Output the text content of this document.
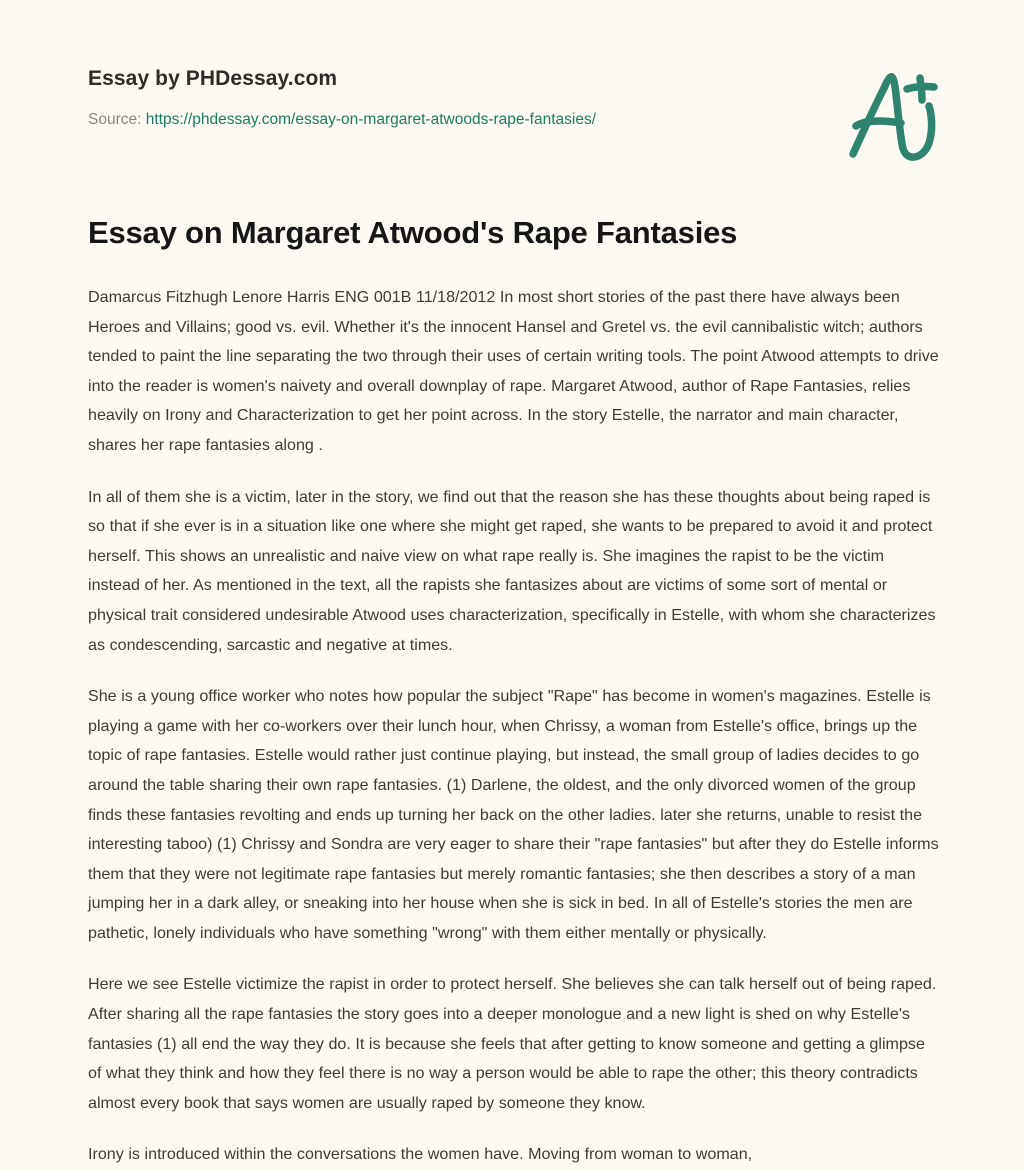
Essay by PHDessay.com
Source: https://phdessay.com/essay-on-margaret-atwoods-rape-fantasies/
Essay on Margaret Atwood's Rape Fantasies

Damarcus Fitzhugh Lenore Harris ENG 001B 11/18/2012 In most short stories of the past there have always been Heroes and Villains; good vs. evil. Whether it's the innocent Hansel and Gretel vs. the evil cannibalistic witch; authors tended to paint the line separating the two through their uses of certain writing tools. The point Atwood attempts to drive into the reader is women's naivety and overall downplay of rape. Margaret Atwood, author of Rape Fantasies, relies heavily on Irony and Characterization to get her point across. In the story Estelle, the narrator and main character, shares her rape fantasies along .

In all of them she is a victim, later in the story, we find out that the reason she has these thoughts about being raped is so that if she ever is in a situation like one where she might get raped, she wants to be prepared to avoid it and protect herself. This shows an unrealistic and naive view on what rape really is. She imagines the rapist to be the victim instead of her. As mentioned in the text, all the rapists she fantasizes about are victims of some sort of mental or physical trait considered undesirable Atwood uses characterization, specifically in Estelle, with whom she characterizes as condescending, sarcastic and negative at times.

She is a young office worker who notes how popular the subject "Rape" has become in women's magazines. Estelle is playing a game with her co-workers over their lunch hour, when Chrissy, a woman from Estelle's office, brings up the topic of rape fantasies. Estelle would rather just continue playing, but instead, the small group of ladies decides to go around the table sharing their own rape fantasies. (1) Darlene, the oldest, and the only divorced women of the group finds these fantasies revolting and ends up turning her back on the other ladies. later she returns, unable to resist the interesting taboo) (1) Chrissy and Sondra are very eager to share their "rape fantasies" but after they do Estelle informs them that they were not legitimate rape fantasies but merely romantic fantasies; she then describes a story of a man jumping her in a dark alley, or sneaking into her house when she is sick in bed. In all of Estelle's stories the men are pathetic, lonely individuals who have something "wrong" with them either mentally or physically.

Here we see Estelle victimize the rapist in order to protect herself. She believes she can talk herself out of being raped. After sharing all the rape fantasies the story goes into a deeper monologue and a new light is shed on why Estelle's fantasies (1) all end the way they do. It is because she feels that after getting to know someone and getting a glimpse of what they think and how they feel there is no way a person would be able to rape the other; this theory contradicts almost every book that says women are usually raped by someone they know.

Irony is introduced within the conversations the women have. Moving from woman to woman,
